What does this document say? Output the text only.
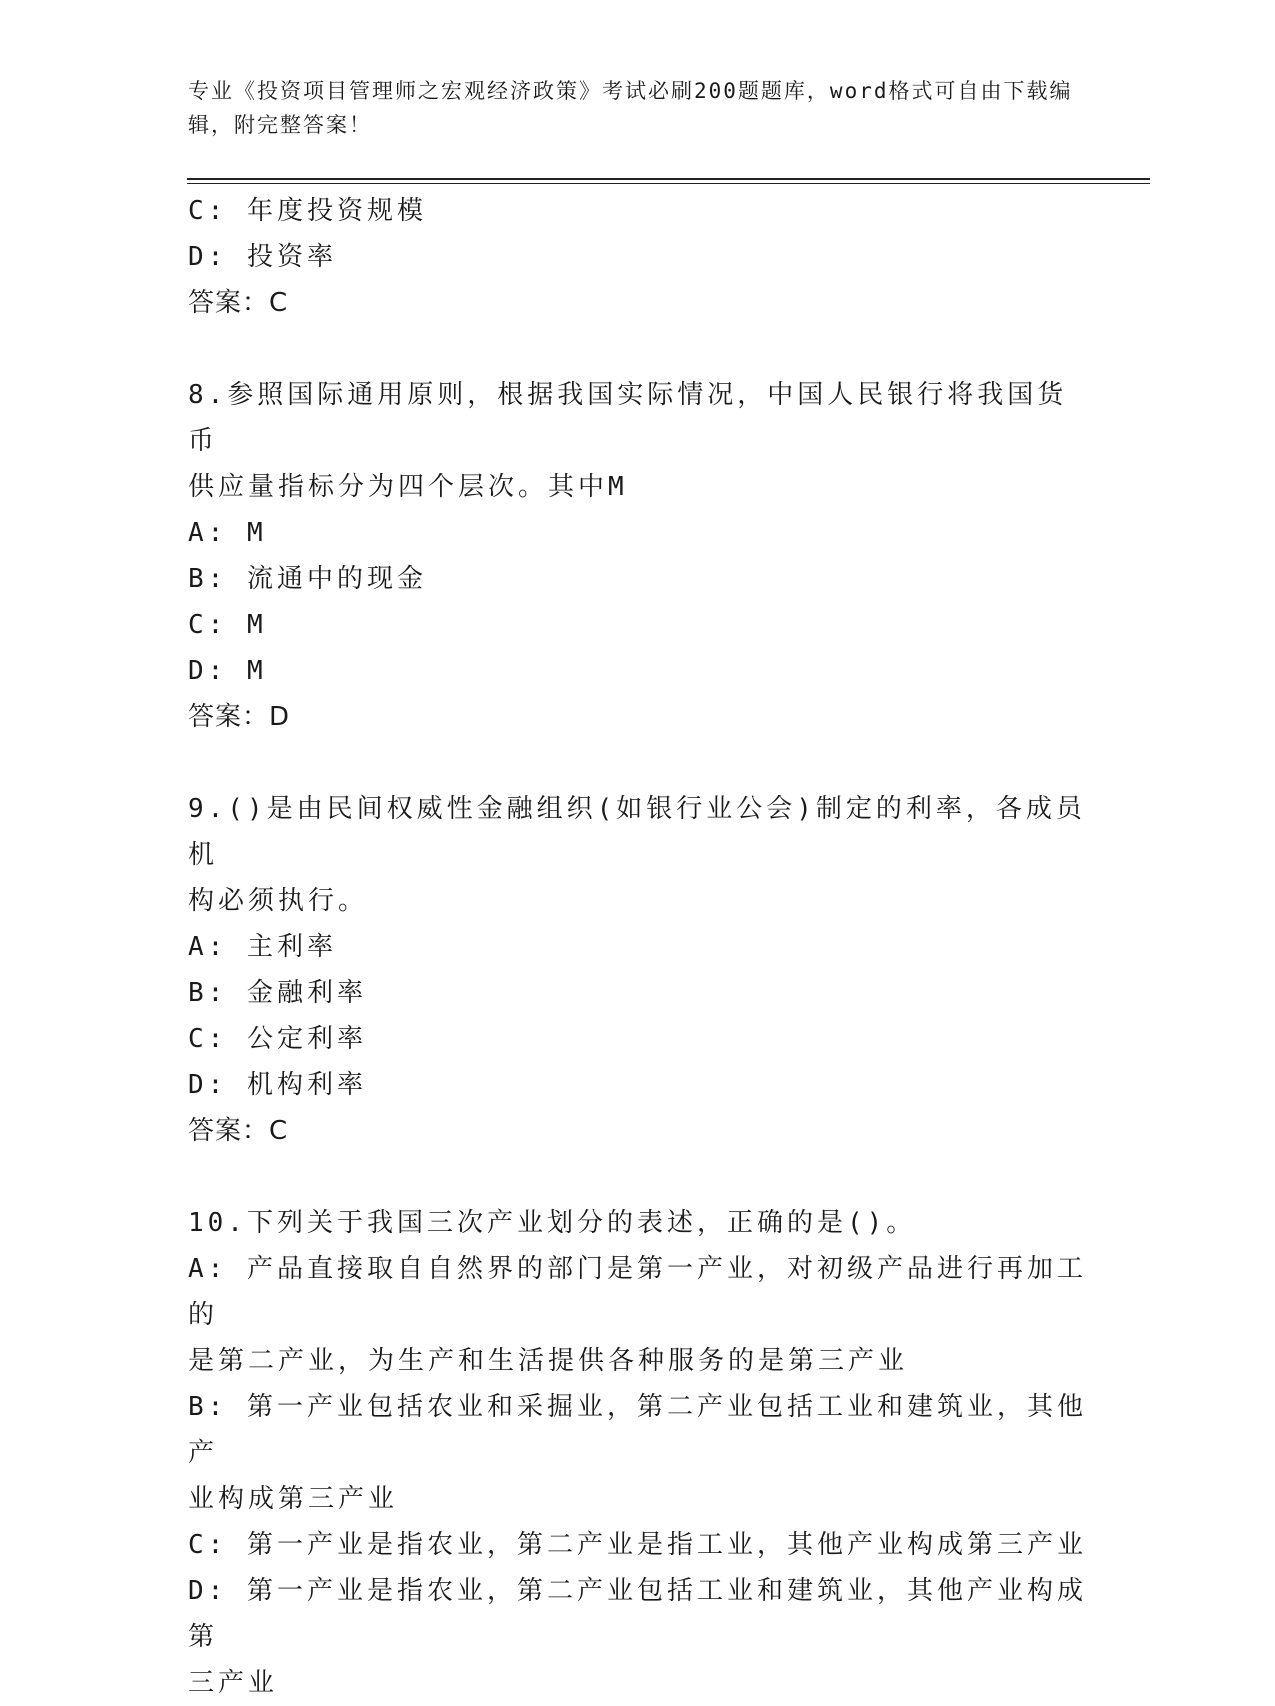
专业《投资项目管理师之宏观经济政策》考试必刷200题题库，word格式可自由下载编辑，附完整答案！
C: 年度投资规模
D: 投资率
答案：C
8.参照国际通用原则，根据我国实际情况，中国人民银行将我国货币
供应量指标分为四个层次。其中M
A: M
B: 流通中的现金
C: M
D: M
答案：D
9.()是由民间权威性金融组织(如银行业公会)制定的利率，各成员机
构必须执行。
A: 主利率
B: 金融利率
C: 公定利率
D: 机构利率
答案：C
10.下列关于我国三次产业划分的表述，正确的是()。
A: 产品直接取自自然界的部门是第一产业，对初级产品进行再加工的
是第二产业，为生产和生活提供各种服务的是第三产业
B: 第一产业包括农业和采掘业，第二产业包括工业和建筑业，其他产
业构成第三产业
C: 第一产业是指农业，第二产业是指工业，其他产业构成第三产业
D: 第一产业是指农业，第二产业包括工业和建筑业，其他产业构成第
三产业
